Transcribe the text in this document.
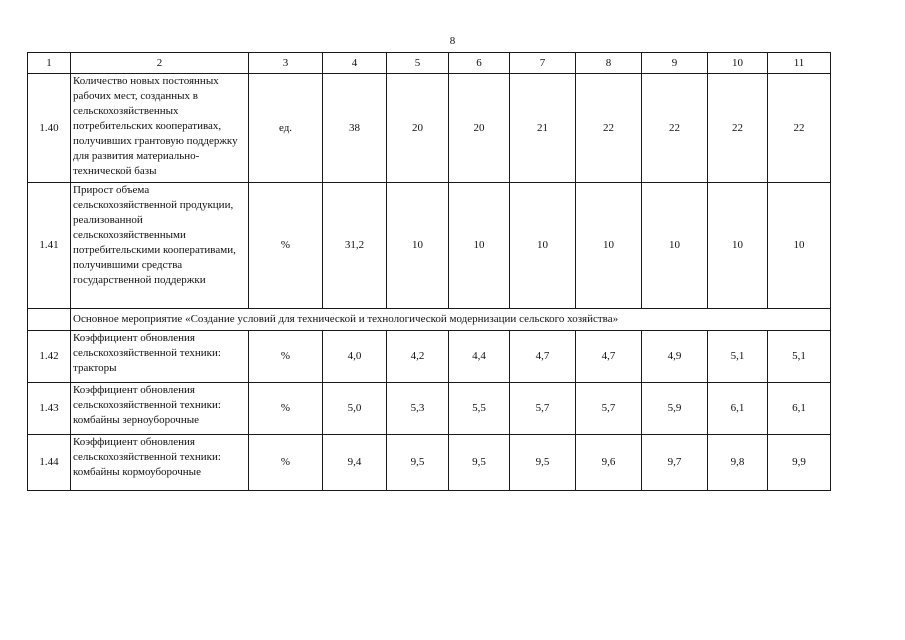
8
1	2	3	4	5	6	7	8	9	10	11
1.40	Количество новых постоянных рабочих мест, созданных в сельскохозяйственных потребительских кооперативах, получивших грантовую поддержку для развития материально-технической базы	ед.	38	20	20	21	22	22	22	22
1.41	Прирост объема сельскохозяйственной продукции, реализованной сельскохозяйственными потребительскими кооперативами, получившими средства государственной поддержки	%	31,2	10	10	10	10	10	10	10
	Основное мероприятие «Создание условий для технической и технологической модернизации сельского хозяйства»									
1.42	Коэффициент обновления сельскохозяйственной техники: тракторы	%	4,0	4,2	4,4	4,7	4,7	4,9	5,1	5,1
1.43	Коэффициент обновления сельскохозяйственной техники: комбайны зерноуборочные	%	5,0	5,3	5,5	5,7	5,7	5,9	6,1	6,1
1.44	Коэффициент обновления сельскохозяйственной техники: комбайны кормоуборочные	%	9,4	9,5	9,5	9,5	9,6	9,7	9,8	9,9
